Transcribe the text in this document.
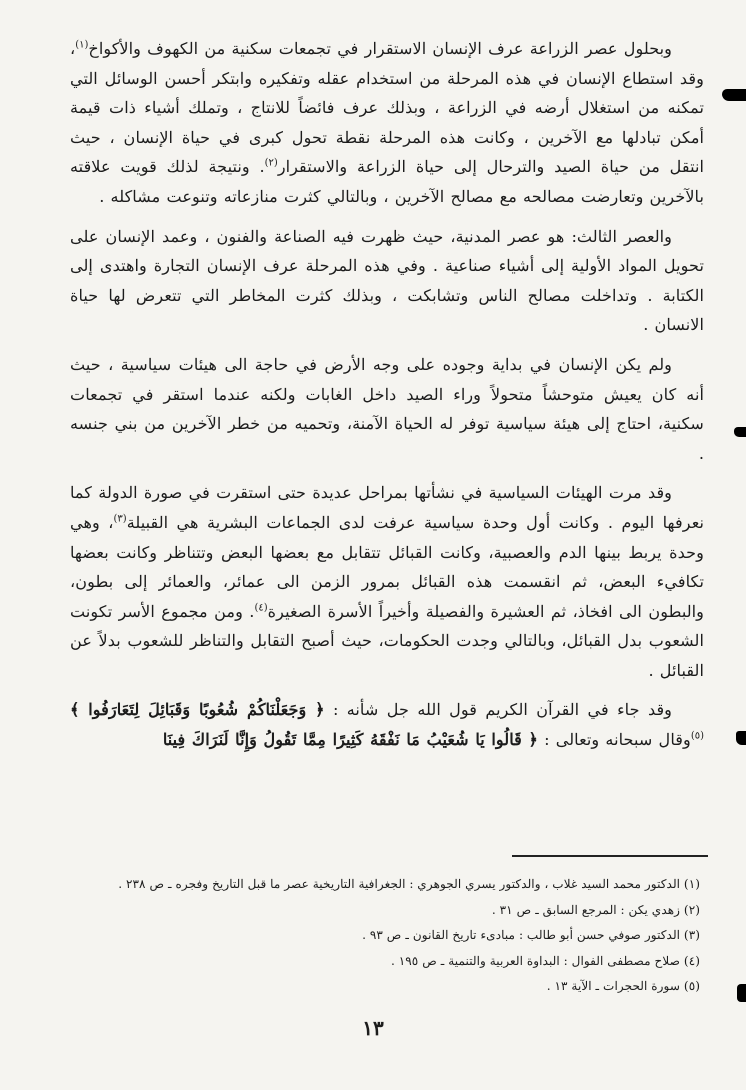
وبحلول عصر الزراعة عرف الإنسان الاستقرار في تجمعات سكنية من الكهوف والأكواخ$^{(١)}$، وقد استطاع الإنسان في هذه المرحلة من استخدام عقله وتفكيره وابتكر أحسن الوسائل التي تمكنه من استغلال أرضه في الزراعة ، وبذلك عرف فائضاً للانتاج ، وتملك أشياء ذات قيمة أمكن تبادلها مع الآخرين ، وكانت هذه المرحلة نقطة تحول كبرى في حياة الإنسان ، حيث انتقل من حياة الصيد والترحال إلى حياة الزراعة والاستقرار$^{(٢)}$. ونتيجة لذلك قويت علاقته بالآخرين وتعارضت مصالحه مع مصالح الآخرين ، وبالتالي كثرت منازعاته وتنوعت مشاكله .

والعصر الثالث: هو عصر المدنية، حيث ظهرت فيه الصناعة والفنون ، وعمد الإنسان على تحويل المواد الأولية إلى أشياء صناعية . وفي هذه المرحلة عرف الإنسان التجارة واهتدى إلى الكتابة . وتداخلت مصالح الناس وتشابكت ، وبذلك كثرت المخاطر التي تتعرض لها حياة الانسان .

ولم يكن الإنسان في بداية وجوده على وجه الأرض في حاجة الى هيئات سياسية ، حيث أنه كان يعيش متوحشاً متحولاً وراء الصيد داخل الغابات ولكنه عندما استقر في تجمعات سكنية، احتاج إلى هيئة سياسية توفر له الحياة الآمنة، وتحميه من خطر الآخرين من بني جنسه .

وقد مرت الهيئات السياسية في نشأتها بمراحل عديدة حتى استقرت في صورة الدولة كما نعرفها اليوم . وكانت أول وحدة سياسية عرفت لدى الجماعات البشرية هي القبيلة$^{(٣)}$، وهي وحدة يربط بينها الدم والعصبية، وكانت القبائل تتقابل مع بعضها البعض وتتناظر وكانت بعضها تكافيء البعض، ثم انقسمت هذه القبائل بمرور الزمن الى عمائر، والعمائر إلى بطون، والبطون الى افخاذ، ثم العشيرة والفصيلة وأخيراً الأسرة الصغيرة$^{(٤)}$. ومن مجموع الأسر تكونت الشعوب بدل القبائل، وبالتالي وجدت الحكومات، حيث أصبح التقابل والتناظر للشعوب بدلاً عن القبائل .

وقد جاء في القرآن الكريم قول الله جل شأنه : ﴿ وَجَعَلْنَاكُمْ شُعُوبًا وَقَبَائِلَ لِتَعَارَفُوا ﴾$^{(٥)}$وقال سبحانه وتعالى : ﴿ قَالُوا يَا شُعَيْبُ مَا نَفْقَهُ كَثِيرًا مِمَّا تَقُولُ وَإِنَّا لَنَرَاكَ فِينَا

(١) الدكتور محمد السيد غلاب ، والدكتور يسري الجوهري : الجغرافية التاريخية عصر ما قبل التاريخ وفجره ـ ص ٢٣٨ .
(٢) زهدي يكن : المرجع السابق ـ ص ٣١ .
(٣) الدكتور صوفي حسن أبو طالب : مبادىء تاريخ القانون ـ ص ٩٣ .
(٤) صلاح مصطفى الفوال : البداوة العربية والتنمية ـ ص ١٩٥ .
(٥) سورة الحجرات ـ الآية ١٣ .
١٣
